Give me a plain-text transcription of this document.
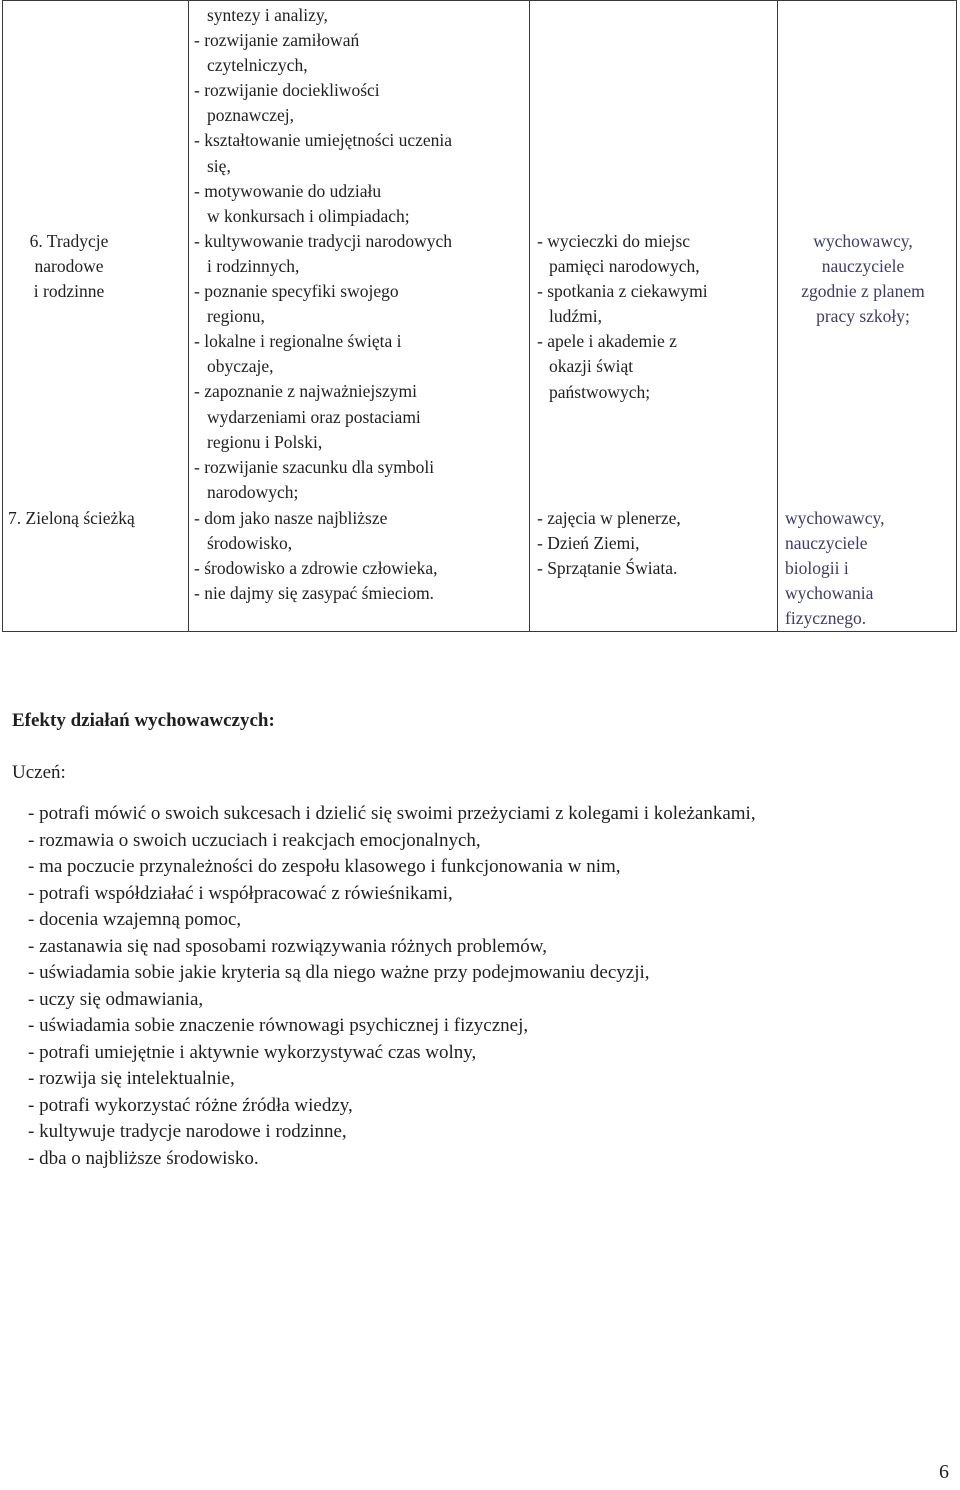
6. Tradycje
narodowe
i rodzinne
syntezy i analizy,
- rozwijanie zamiłowań
czytelniczych,
- rozwijanie dociekliwości
poznawczej,
- kształtowanie umiejętności uczenia
się,
- motywowanie do udziału
w konkursach i olimpiadach;
- kultywowanie tradycji narodowych
i rodzinnych,
- poznanie specyfiki swojego
regionu,
- lokalne i regionalne święta i
obyczaje,
- zapoznanie z najważniejszymi
wydarzeniami oraz postaciami
regionu i Polski,
- rozwijanie szacunku dla symboli
narodowych;
- wycieczki do miejsc
pamięci narodowych,
- spotkania z ciekawymi
ludźmi,
- apele i akademie z
okazji świąt
państwowych;
wychowawcy,
nauczyciele
zgodnie z planem
pracy szkoły;
7. Zieloną ścieżką	- dom jako nasze najbliższe
środowisko,
- środowisko a zdrowie człowieka,
- nie dajmy się zasypać śmieciom.
- zajęcia w plenerze,
- Dzień Ziemi,
- Sprzątanie Świata.
wychowawcy,
nauczyciele
biologii i
wychowania
fizycznego.

Efekty działań wychowawczych:

Uczeń:

- potrafi mówić o swoich sukcesach i dzielić się swoimi przeżyciami z kolegami i koleżankami,
- rozmawia o swoich uczuciach i reakcjach emocjonalnych,
- ma poczucie przynależności do zespołu klasowego i funkcjonowania w nim,
- potrafi współdziałać i współpracować z rówieśnikami,
- docenia wzajemną pomoc,
- zastanawia się nad sposobami rozwiązywania różnych problemów,
- uświadamia sobie jakie kryteria są dla niego ważne przy podejmowaniu decyzji,
- uczy się odmawiania,
- uświadamia sobie znaczenie równowagi psychicznej i fizycznej,
- potrafi umiejętnie i aktywnie wykorzystywać czas wolny,
- rozwija się intelektualnie,
- potrafi wykorzystać różne źródła wiedzy,
- kultywuje tradycje narodowe i rodzinne,
- dba o najbliższe środowisko.

6
